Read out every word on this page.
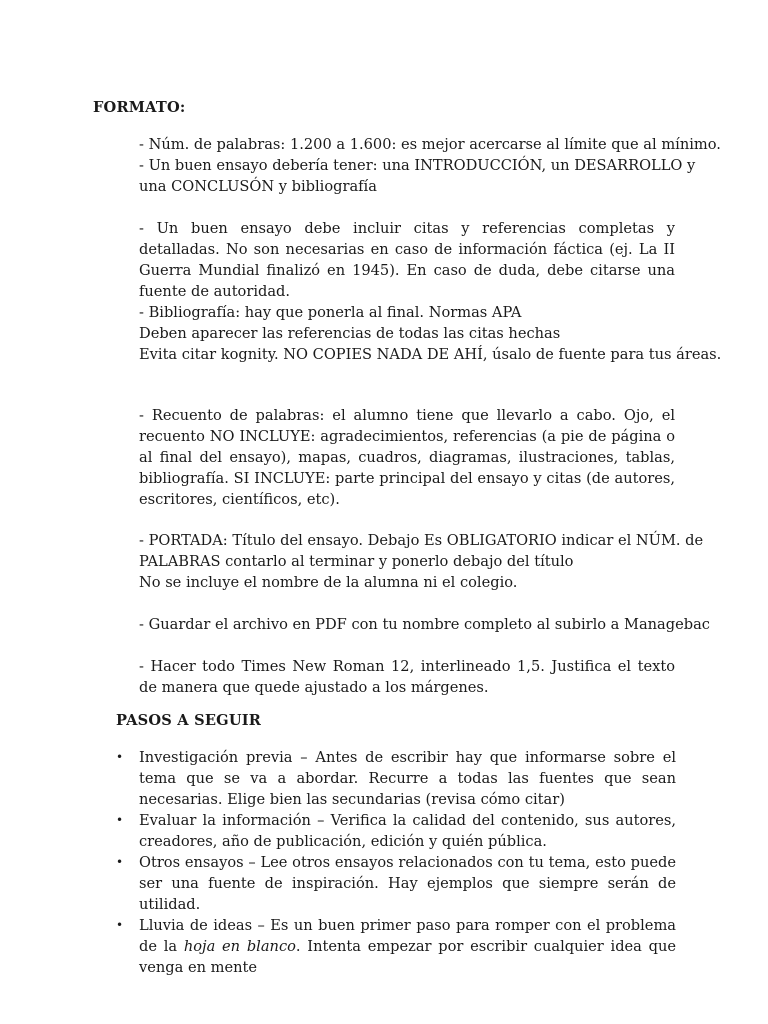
FORMATO:
- Núm. de palabras: 1.200 a 1.600: es mejor acercarse al límite que al mínimo.
- Un buen ensayo debería tener: una INTRODUCCIÓN, un DESARROLLO y
una CONCLUSÓN y bibliografía
- Un buen ensayo debe incluir citas y referencias completas y detalladas. No son necesarias en caso de información fáctica (ej. La II Guerra Mundial finalizó en 1945). En caso de duda, debe citarse una fuente de autoridad.
- Bibliografía: hay que ponerla al final. Normas APA
Deben aparecer las referencias de todas las citas hechas
Evita citar kognity. NO COPIES NADA DE AHÍ, úsalo de fuente para tus áreas.
- Recuento de palabras: el alumno tiene que llevarlo a cabo. Ojo, el recuento NO INCLUYE: agradecimientos, referencias (a pie de página o al final del ensayo), mapas, cuadros, diagramas, ilustraciones, tablas, bibliografía. SI INCLUYE: parte principal del ensayo y citas (de autores, escritores, científicos, etc).
- PORTADA: Título del ensayo. Debajo Es OBLIGATORIO indicar el NÚM. de
PALABRAS contarlo al terminar y ponerlo debajo del título
No se incluye el nombre de la alumna ni el colegio.
- Guardar el archivo en PDF con tu nombre completo al subirlo a Managebac
- Hacer todo Times New Roman 12, interlineado 1,5. Justifica el texto de manera que quede ajustado a los márgenes.
PASOS A SEGUIR
• Investigación previa – Antes de escribir hay que informarse sobre el tema que se va a abordar. Recurre a todas las fuentes que sean necesarias. Elige bien las secundarias (revisa cómo citar)
• Evaluar la información – Verifica la calidad del contenido, sus autores, creadores, año de publicación, edición y quién pública.
• Otros ensayos – Lee otros ensayos relacionados con tu tema, esto puede ser una fuente de inspiración. Hay ejemplos que siempre serán de utilidad.
• Lluvia de ideas – Es un buen primer paso para romper con el problema de la hoja en blanco. Intenta empezar por escribir cualquier idea que venga en mente
